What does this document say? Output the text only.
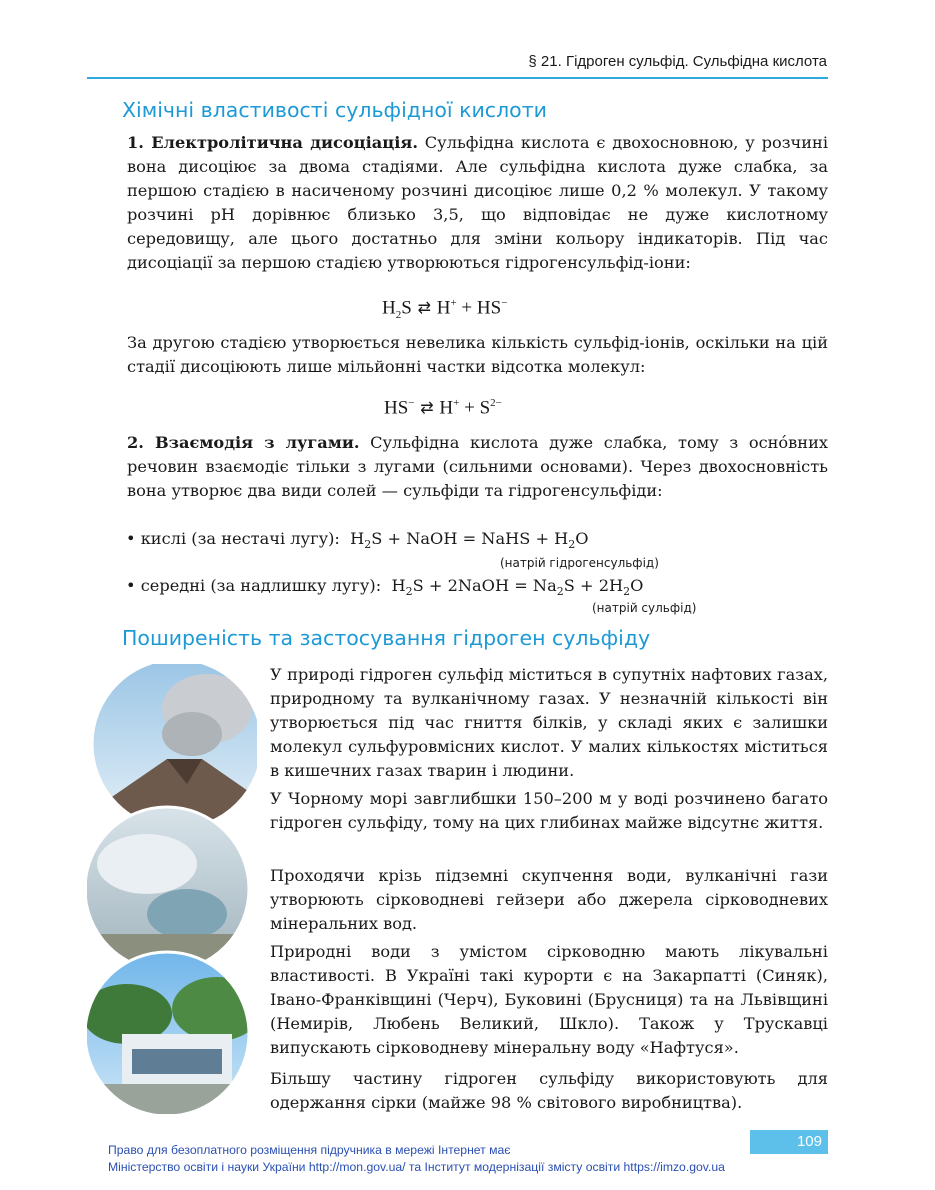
§ 21. Гідроген сульфід. Сульфідна кислота
Хімічні властивості сульфідної кислоти
1. Електролітична дисоціація. Сульфідна кислота є двохосновною, у розчині вона дисоціює за двома стадіями. Але сульфідна кислота дуже слабка, за першою стадією в насиченому розчині дисоціює лише 0,2 % молекул. У такому розчині pH дорівнює близько 3,5, що відповідає не дуже кислотному середовищу, але цього достатньо для зміни кольору індикаторів. Під час дисоціації за першою стадією утворюються гідрогенсульфід-іони:
$H_2S$ ⇄ H+ + HS−
За другою стадією утворюється невелика кількість сульфід-іонів, оскільки на цій стадії дисоціюють лише мільйонні частки відсотка молекул:
HS− ⇄ $H^+ + S^{2-}$
2. Взаємодія з лугами. Сульфідна кислота дуже слабка, тому з оснóвних речовин взаємодіє тільки з лугами (сильними основами). Через двохосновність вона утворює два види солей — сульфіди та гідрогенсульфіди:
• кислі (за нестачі лугу):  $H_2S$ + NaOH = NaHS + $H_2O$
(натрій гідрогенсульфід)
• середні (за надлишку лугу):  $H_2S$ + 2NaOH = $Na_2S + 2H_2O$
(натрій сульфід)
Поширеність та застосування гідроген сульфіду

У природі гідроген сульфід міститься в супутніх нафтових газах, природному та вулканічному газах. У незначній кількості він утворюється під час гниття білків, у складі яких є залишки молекул сульфуровмісних кислот. У малих кількостях міститься в кишечних газах тварин і людини.

У Чорному морі завглибшки 150–200 м у воді розчинено багато гідроген сульфіду, тому на цих глибинах майже відсутнє життя.

Проходячи крізь підземні скупчення води, вулканічні гази утворюють сірководневі гейзери або джерела сірководневих мінеральних вод.

Природні води з умістом сірководню мають лікувальні властивості. В Україні такі курорти є на Закарпатті (Синяк), Івано-Франківщині (Черч), Буковині (Брусниця) та на Львівщині (Немирів, Любень Великий, Шкло). Також у Трускавці випускають сірководневу мінеральну воду «Нафтуся».

Більшу частину гідроген сульфіду використовують для одержання сірки (майже 98 % світового виробництва).

109
Право для безоплатного розміщення підручника в мережі Інтернет має
Міністерство освіти і науки України http://mon.gov.ua/ та Інститут модернізації змісту освіти https://imzo.gov.ua
